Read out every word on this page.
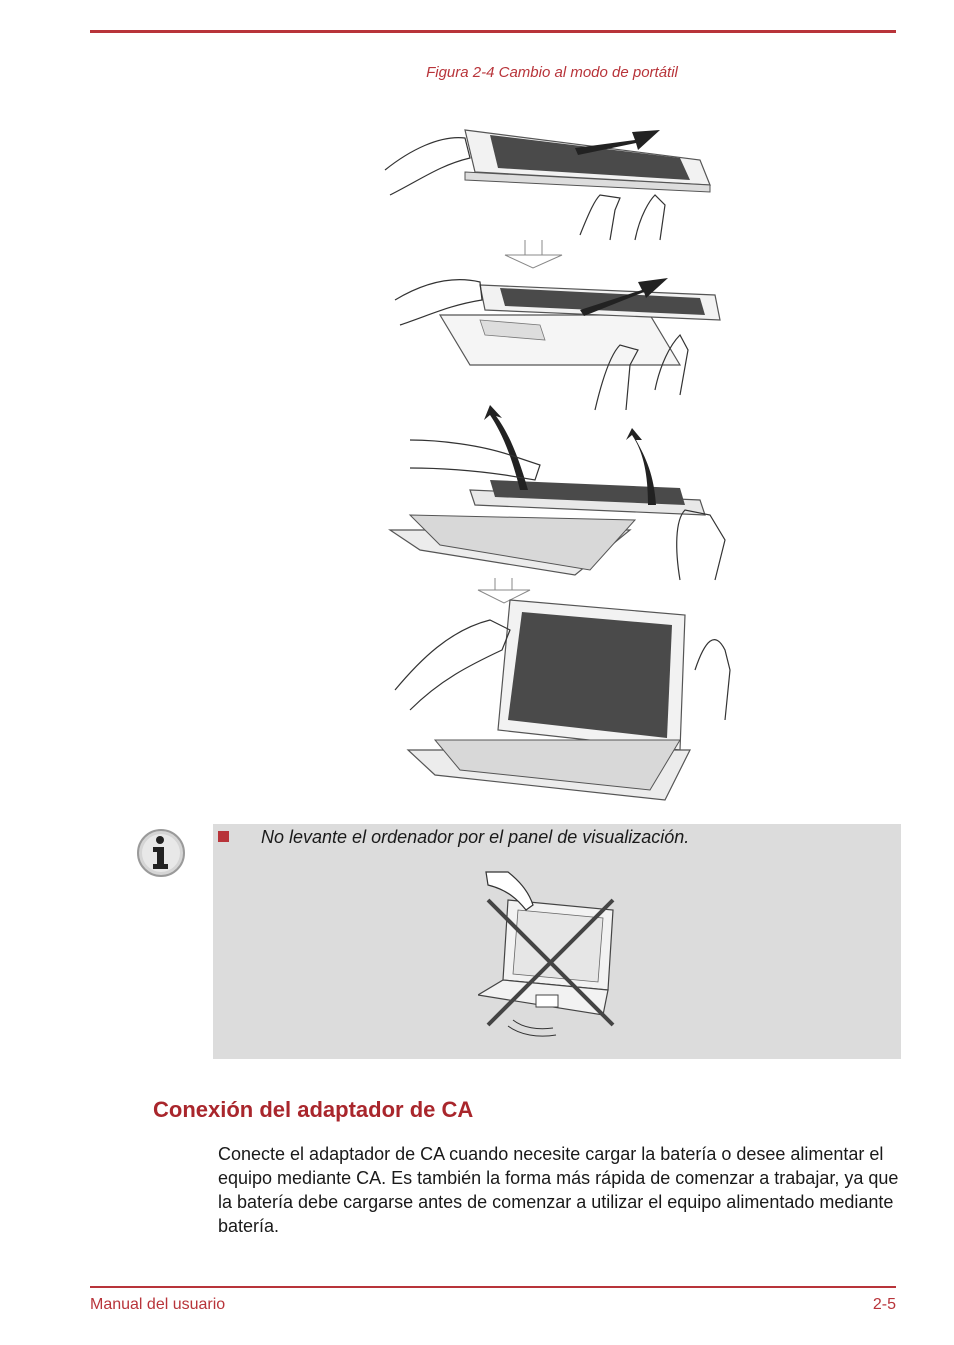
Figura 2-4 Cambio al modo de portátil
No levante el ordenador por el panel de visualización.
Conexión del adaptador de CA

Conecte el adaptador de CA cuando necesite cargar la batería o desee alimentar el equipo mediante CA. Es también la forma más rápida de comenzar a trabajar, ya que la batería debe cargarse antes de comenzar a utilizar el equipo alimentado mediante batería.

Manual del usuario	2-5
